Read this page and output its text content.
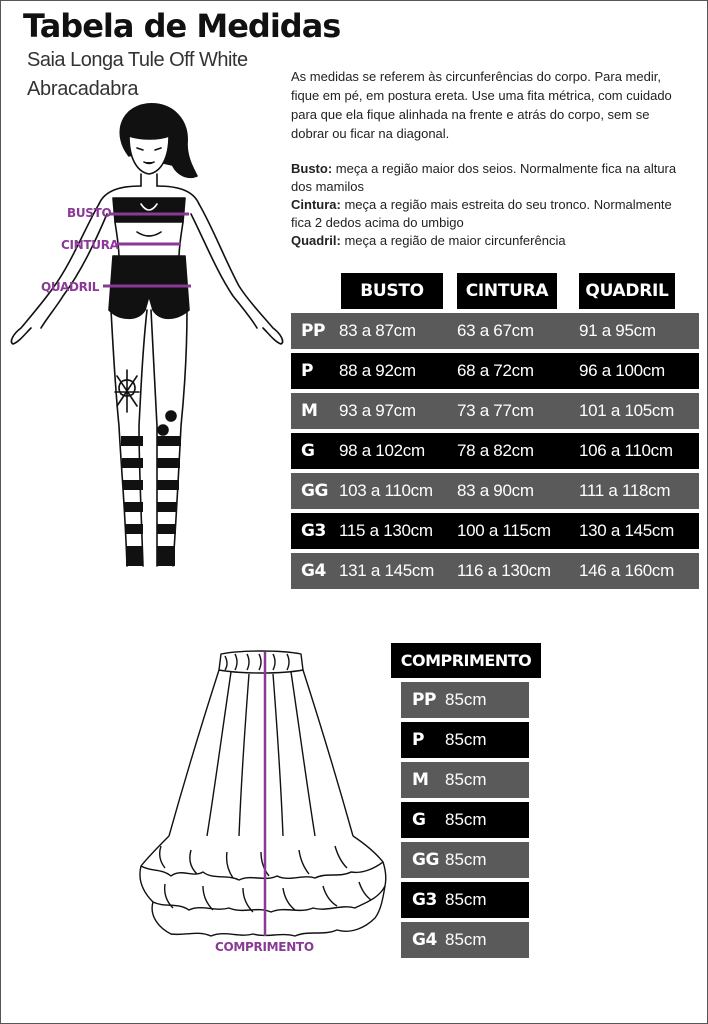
Tabela de Medidas
Saia Longa Tule Off White
Abracadabra

As medidas se referem às circunferências do corpo. Para medir, fique em pé, em postura ereta. Use uma fita métrica, com cuidado para que ela fique alinhada na frente e atrás do corpo, sem se dobrar ou ficar na diagonal.

Busto: meça a região maior dos seios. Normalmente fica na altura dos mamilos

Cintura: meça a região mais estreita do seu tronco. Normalmente fica 2 dedos acima do umbigo

Quadril: meça a região de maior circunferência

BUSTO
CINTURA
QUADRIL	BUSTO	CINTURA	QUADRIL
PP 83 a 87cm 63 a 67cm	91 a 95cm
P 88 a 92cm 68 a 72cm	96 a 100cm
M 93 a 97cm 73 a 77cm	101 a 105cm
G 98 a 102cm 78 a 82cm	106 a 110cm
GG 103 a 110cm 83 a 90cm	111 a 118cm
G3 115 a 130cm 100 a 115cm 130 a 145cm
G4 131 a 145cm 116 a 130cm 146 a 160cm
COMPRIMENTO
COMPRIMENTO
PP 85cm
P 85cm
M 85cm
G 85cm
GG 85cm
G3 85cm
G4 85cm
